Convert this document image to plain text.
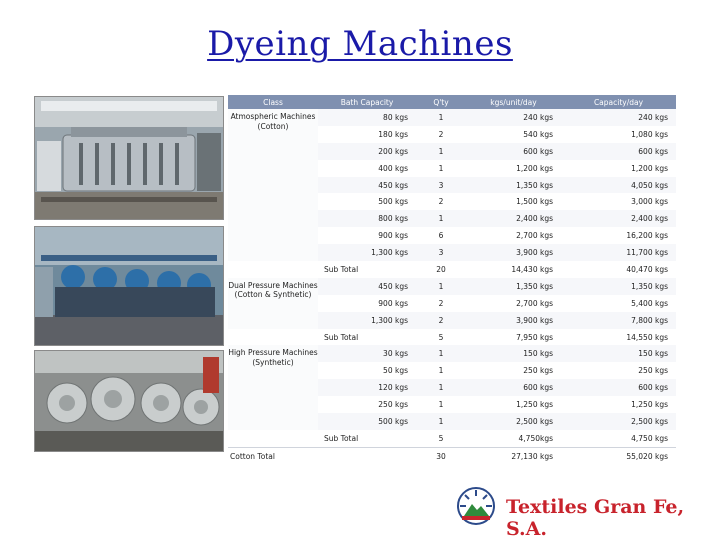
Dyeing Machines
Class	Bath Capacity	Q'ty	kgs/unit/day	Capacity/day
Atmospheric Machines (Cotton)	80 kgs	1	240 kgs	240 kgs
	180 kgs	2	540 kgs	1,080 kgs
	200 kgs	1	600 kgs	600 kgs
	400 kgs	1	1,200 kgs	1,200 kgs
	450 kgs	3	1,350 kgs	4,050 kgs
	500 kgs	2	1,500 kgs	3,000 kgs
	800 kgs	1	2,400 kgs	2,400 kgs
	900 kgs	6	2,700 kgs	16,200 kgs
	1,300 kgs	3	3,900 kgs	11,700 kgs
	Sub Total	20	14,430 kgs	40,470 kgs
Dual Pressure Machines (Cotton & Synthetic)	450 kgs	1	1,350 kgs	1,350 kgs
	900 kgs	2	2,700 kgs	5,400 kgs
	1,300 kgs	2	3,900 kgs	7,800 kgs
	Sub Total	5	7,950 kgs	14,550 kgs
High Pressure Machines (Synthetic)	30 kgs	1	150 kgs	150 kgs
	50 kgs	1	250 kgs	250 kgs
	120 kgs	1	600 kgs	600 kgs
	250 kgs	1	1,250 kgs	1,250 kgs
	500 kgs	1	2,500 kgs	2,500 kgs
	Sub Total	5	4,750kgs	4,750 kgs
Cotton Total		30	27,130 kgs	55,020 kgs
Textiles Gran Fe, S.A.
